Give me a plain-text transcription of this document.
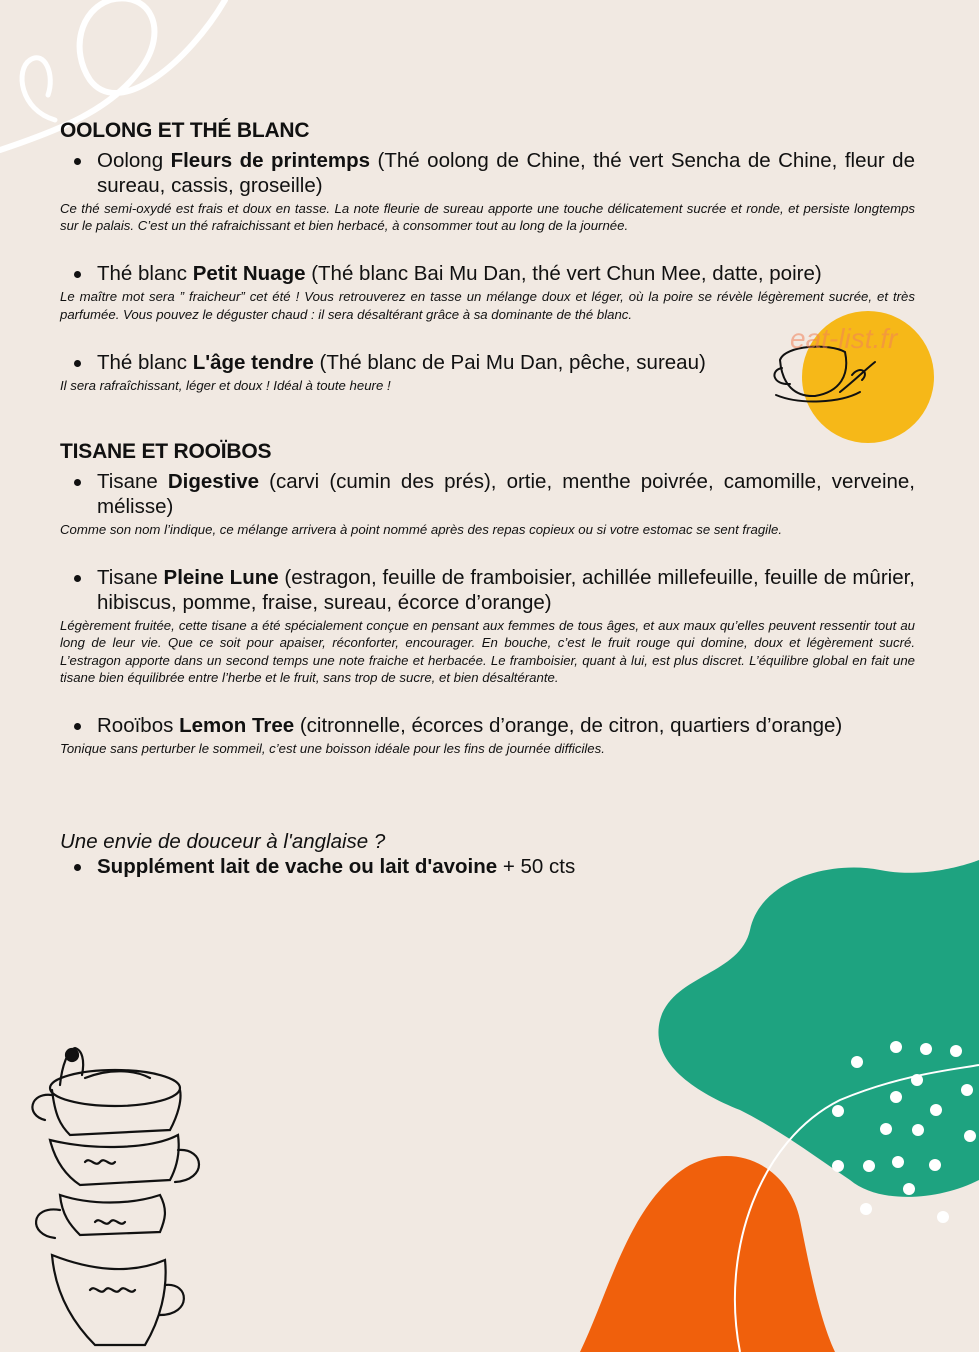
eat-list.fr
OOLONG ET THÉ BLANC
Oolong Fleurs de printemps (Thé oolong de Chine, thé vert Sencha de Chine, fleur de sureau, cassis, groseille)
Ce thé semi-oxydé est frais et doux en tasse. La note fleurie de sureau apporte une touche délicatement sucrée et ronde, et persiste longtemps sur le palais. C’est un thé rafraichissant et bien herbacé, à consommer tout au long de la journée.
Thé blanc Petit Nuage (Thé blanc Bai Mu Dan, thé vert Chun Mee, datte, poire)
Le maître mot sera ” fraicheur” cet été ! Vous retrouverez en tasse un mélange doux et léger, où la poire se révèle légèrement sucrée, et très parfumée. Vous pouvez le déguster chaud : il sera désaltérant grâce à sa dominante de thé blanc.
Thé blanc L'âge tendre (Thé blanc de Pai Mu Dan, pêche, sureau)
Il sera rafraîchissant, léger et doux ! Idéal à toute heure !
TISANE ET ROOÏBOS
Tisane Digestive (carvi (cumin des prés), ortie, menthe poivrée, camomille, verveine, mélisse)
Comme son nom l’indique, ce mélange arrivera à point nommé après des repas copieux ou si votre estomac se sent fragile.
Tisane Pleine Lune (estragon, feuille de framboisier, achillée millefeuille, feuille de mûrier, hibiscus, pomme, fraise, sureau, écorce d’orange)
Légèrement fruitée, cette tisane a été spécialement conçue en pensant aux femmes de tous âges, et aux maux qu’elles peuvent ressentir tout au long de leur vie. Que ce soit pour apaiser, réconforter, encourager. En bouche, c’est le fruit rouge qui domine, doux et légèrement sucré. L’estragon apporte dans un second temps une note fraiche et herbacée. Le framboisier, quant à lui, est plus discret. L’équilibre global en fait une tisane bien équilibrée entre l’herbe et le fruit, sans trop de sucre, et bien désaltérante.
Rooïbos Lemon Tree (citronnelle, écorces d’orange, de citron, quartiers d’orange)
Tonique sans perturber le sommeil, c’est une boisson idéale pour les fins de journée difficiles.
Une envie de douceur à l'anglaise ?
Supplément lait de vache ou lait d'avoine + 50 cts
